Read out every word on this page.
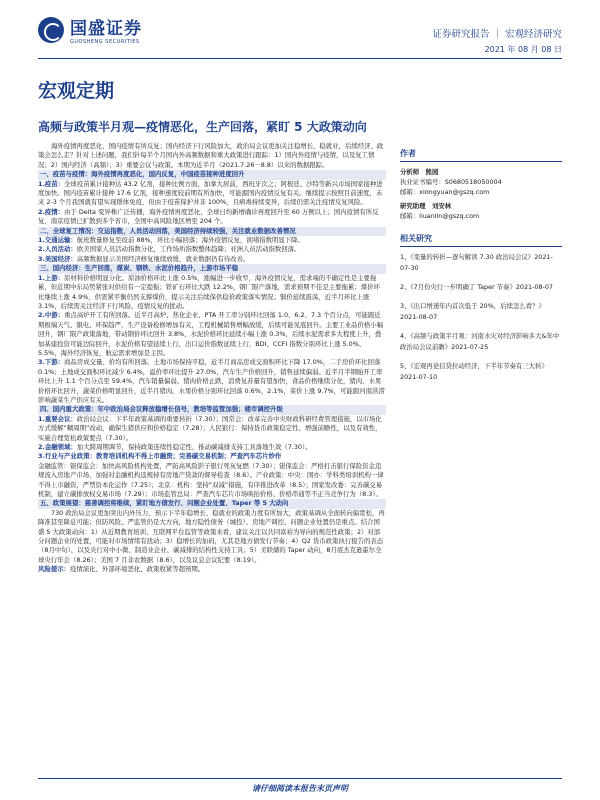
国盛证券
GUOSHENG SECURITIES
证券研究报告 ｜ 宏观经济研究
2021 年 08 月 08 日
宏观定期
高频与政策半月观—疫情恶化，生产回落，紧盯 5 大政策动向

海外疫情再度恶化，国内疫情有所反复；国内经济下行风险加大，政治局会议更加关注稳增长、稳就业，后续经济、政策会怎么走？针对上述问题，我们针每半个月国内外高频数据和重大政策进行跟踪：1）国内外疫情与疫情，以及复工情况；2）国内经济（高频）；3）重要会议与政策。本期为近半月（2021.7.26－8.8）以来的数据跟踪。

一、疫苗与疫情：海外疫情再度恶化，国内反复，中国疫苗接种进度回升

1.疫苗：全球疫苗累计接种达 43.2 亿剂，接种比例方面，加拿大居前，西班牙次之；阿根廷、沙特等新兴市场国家接种进度加快。国内疫苗累计接种 17.6 亿剂，接种速度较前期有所加快，可能源国内疫情反复有关。继续提示按照目前速度，未来 2-3 个月我国就有望实现群体免疫，但由于疫苗保护并非 100%，且病毒持续变异，后续仍需关注疫情反复风险。

2.疫情：由于 Delta 变异株广泛传播，海外疫情再度恶化，全球日均新增确诊再度回升至 60 万例以上；国内疫情有所反复，南京疫情已扩散到多个省市，全国中高风险地区增至 204 个。

二、全球复工情况：交运指数，人员活动回落，美国经济持续较强，关注就业数据改善情况

1.交通运输：航班数量修复至疫前 88%，环比小幅回落；海外疫情反复，拥堵指数明显下降。

2.人员活动：欧美国家人员活动指数分化，工作场所指数整体趋降；亚洲人员活动指数回落。

3.美国经济：高频数据显示美国经济修复继续放缓，就业数据仍有待改善。

三、国内经济：生产回落，煤炭、钢铁、水泥价格趋升，上游市场平稳

1.上游：原材料价格明显分化。原油价格环比上涨 0.5%，涨幅进一步收窄，海外疫情反复，需求端的不确定性是主要拖累，但近期中东局势紧张对供给有一定提振；铁矿石环比大跌 12.2%，钢厂限产落地，需求预期不佳是主要拖累；煤价环比继续上涨 4.9%，供需紧平衡仍然支撑煤价，提示关注后续保供稳价政策落实情况；铜价延续震荡，近半月环比上涨 3.1%，后续需关注经济下行风险、疫情反复的扰动。

2.中游：重点高炉开工有所回落。近半月高炉、焦化企业、PTA 开工率分别环比回落 1.0、6.2、7.3 个百分点，可能跟近期极端天气、限电、环保趋严，生产设备检修增加有关，工程机械销售增幅放缓，后续可能见底回升。主要工业品价格小幅回升，钢厂限产政策落地，带动钢价环比回升 3.8%，水泥价格环比延续小幅上涨 0.3%，后续水泥需求多大程度上升，叠加基建投资可能边际回升，水泥价格有望延续上行，出口运价指数延续上行，BDI、CCFI 指数分别环比上涨 5.0%、5.5%，海外经济恢复，航运需求增加是主因。

3.下游：商品房成交量、价均有所回落。土地市场保持平稳，近半月商品房成交面积环比下降 17.0%，二手房价环比回落 0.1%；土地成交面积环比减少 6.4%，溢价率环比提升 27.0%，汽车生产价格回升，销售延续偏弱。近半月半钢胎开工率环比上升 1.1 个百分点至 59.4%，汽车销量偏弱。猪肉价格止跌，消费复苏量有望加快，食品价格继续分化，猪肉、水果价格环比回升，蔬菜价格明显回升，近半月猪肉、水果价格分别环比回落 0.6%、2.1%，菜价上涨 9.7%，可能跟河南洪涝影响蔬菜生产供应有关。

四、国内重大政策：年中政治局会议释放稳增长信号，教培等监管加强；楼市调控升级

1.重要会议：政治局会议：下半年政策基调的重要转折（7.30）；国常会：改革完善中央财政科研经费管理措施，以市场化方式缓解“糊周期”改动，确保生猪供应和价格稳定（7.28）；人民银行：保持货币政策稳定性、增强前瞻性，以及有效性，实施合理宽松政策要点（7.30）。

2.金融领域：加大跨周期调节，保持政策连续性稳定性，推动碳减排支持工具落地生效（7.30）。

3.行业与产业政策：教育培训机构不得上市融资；完善碳交易机制；严查汽车芯片炒作
金融监管：银保监会：加快高风险机构处置，严防高风险影子银行死灰复燃（7.30）；银保监会：严格打击银行保险资金违规流入房地产市场，加强对金融机构违规持有房地产贷款的督导检查（8.6）。产业政策：中央：国办：学科类培训机构一律不得上市融资，严禁资本化运作（7.25）；北京：机构：坚持“双减”措施，有序推进改革（8.5）；国家发改委：完善碳交易机制，建立碳排放权交易市场（7.29）；市场监管总局：严查汽车芯片市场哄抬价格、价格串通等不正当竞争行为（8.3）。

五、政策展望：慈善调控将维续，紧盯地方债发行、问题企业处置、Taper 等 5 大动向

730 政治局会议更加突出内外压力，预示下半年稳增长、稳就业的政策力度有所加大，政策基调从全面转向偏宽松，再降准甚至降息可能；但防风险、严监管仍是大方向，地方隐性债务（城投）、房地产调控、问题企业处置仍是重点。结合国盛 5 大政策动向：1）从近期教育培训、互联网平台监管等政策来看，建议关注以共同富裕为导向的规范性政策；2）对部分问题企业的处置，可能对市场情绪有扰动；3）稳增长的加码，尤其是地方债发行节奏；4）Q2 货币政策执行报告的表态（8月中旬），以及央行对中小微、制造业企业、碳减排的结构性支持工具；5）美联储的 Taper 动向，8月底杰克逊霍尔全球央行年会（8.26）；美国 7 月非农数据（8.6），以及议息会议纪要（8.19）。

风险提示：疫情演化、外部环境恶化、政策收紧等超预期。

作者
分析师　熊园
执业证书编号：S0680518050004
邮箱：xiongyuan@gszq.com
研究助理　刘安林
邮箱：liuanlin@gszq.com
相关研究
1、《变量的转折—逐句解读 7.30 政治局会议》2021-07-30
2、《7月份央行一步明确了 Taper 节奏》2021-08-07
3、《出口增速年内首次低于 20%，后续怎么看？》2021-08-07
4、《高频与政策半月观：河南水灾对经济影响多大&年中政治局会议前瞻》2021-07-25
5、《宏观再论信贷拉动经济，下半年节奏有三大转》2021-07-10
请仔细阅读本报告末页声明
